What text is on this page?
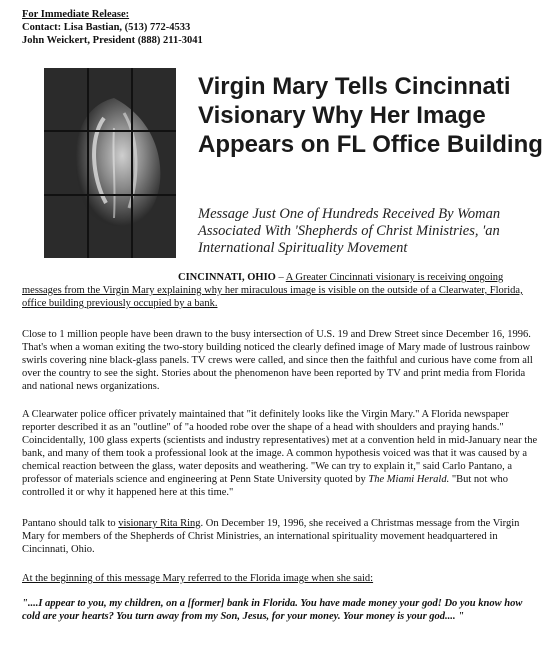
For Immediate Release:
Contact: Lisa Bastian, (513) 772-4533
John Weickert, President (888) 211-3041
Virgin Mary Tells Cincinnati Visionary Why Her Image Appears on FL Office Building

Message Just One of Hundreds Received By Woman Associated With 'Shepherds of Christ Ministries, 'an International Spirituality Movement

CINCINNATI, OHIO – A Greater Cincinnati visionary is receiving ongoing messages from the Virgin Mary explaining why her miraculous image is visible on the outside of a Clearwater, Florida, office building previously occupied by a bank.

Close to 1 million people have been drawn to the busy intersection of U.S. 19 and Drew Street since December 16, 1996. That's when a woman exiting the two-story building noticed the clearly defined image of Mary made of lustrous rainbow swirls covering nine black-glass panels. TV crews were called, and since then the faithful and curious have come from all over the country to see the sight. Stories about the phenomenon have been reported by TV and print media from Florida and national news organizations.

A Clearwater police officer privately maintained that "it definitely looks like the Virgin Mary." A Florida newspaper reporter described it as an "outline" of "a hooded robe over the shape of a head with shoulders and praying hands." Coincidentally, 100 glass experts (scientists and industry representatives) met at a convention held in mid-January near the bank, and many of them took a professional look at the image. A common hypothesis voiced was that it was caused by a chemical reaction between the glass, water deposits and weathering. "We can try to explain it," said Carlo Pantano, a professor of materials science and engineering at Penn State University quoted by The Miami Herald. "But not who controlled it or why it happened here at this time."

Pantano should talk to visionary Rita Ring. On December 19, 1996, she received a Christmas message from the Virgin Mary for members of the Shepherds of Christ Ministries, an international spirituality movement headquartered in Cincinnati, Ohio.

At the beginning of this message Mary referred to the Florida image when she said:

"....I appear to you, my children, on a [former] bank in Florida. You have made money your god! Do you know how cold are your hearts? You turn away from my Son, Jesus, for your money. Your money is your god.... "
